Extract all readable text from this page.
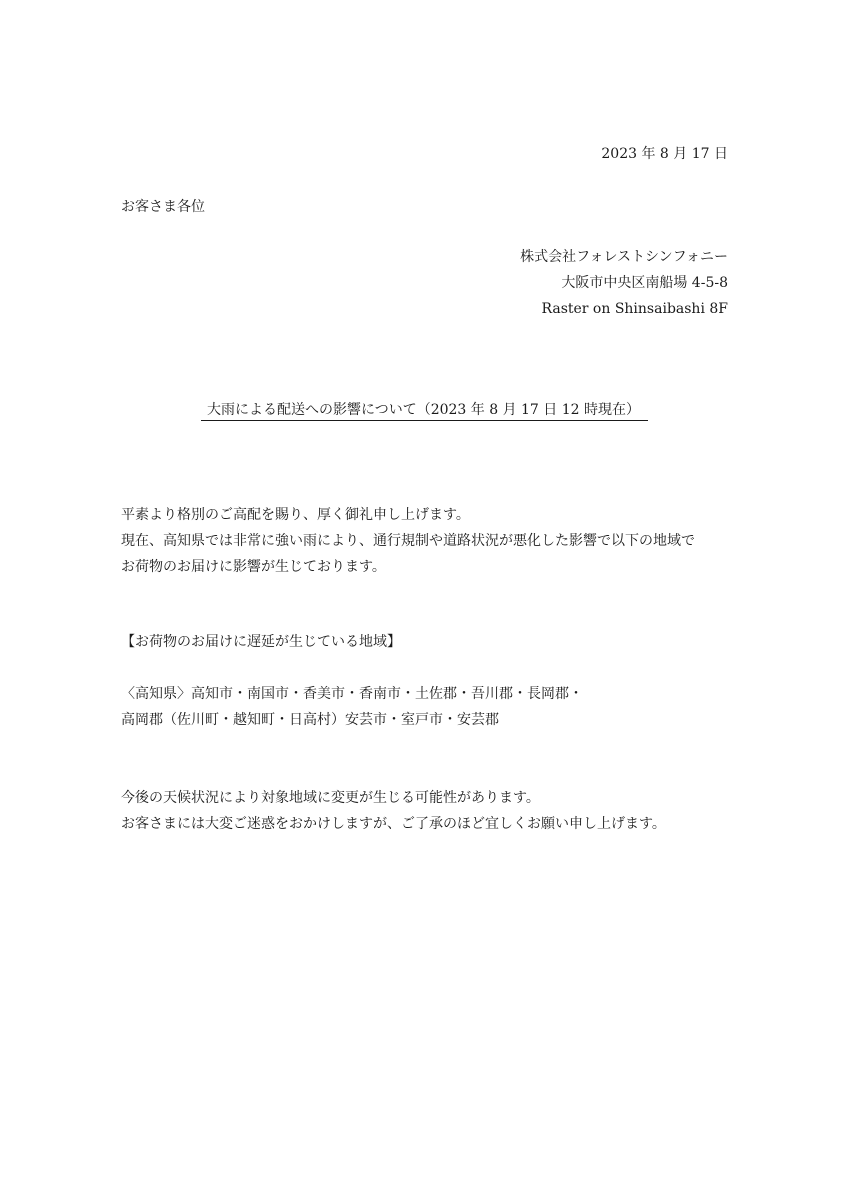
2023 年 8 月 17 日

お客さま各位

株式会社フォレストシンフォニー

大阪市中央区南船場 4-5-8

Raster on Shinsaibashi 8F

大雨による配送への影響について（2023 年 8 月 17 日 12 時現在）

平素より格別のご高配を賜り、厚く御礼申し上げます。

現在、高知県では非常に強い雨により、通行規制や道路状況が悪化した影響で以下の地域で

お荷物のお届けに影響が生じております。

【お荷物のお届けに遅延が生じている地域】

〈高知県〉高知市・南国市・香美市・香南市・土佐郡・吾川郡・長岡郡・

高岡郡（佐川町・越知町・日高村）安芸市・室戸市・安芸郡

今後の天候状況により対象地域に変更が生じる可能性があります。

お客さまには大変ご迷惑をおかけしますが、ご了承のほど宜しくお願い申し上げます。
